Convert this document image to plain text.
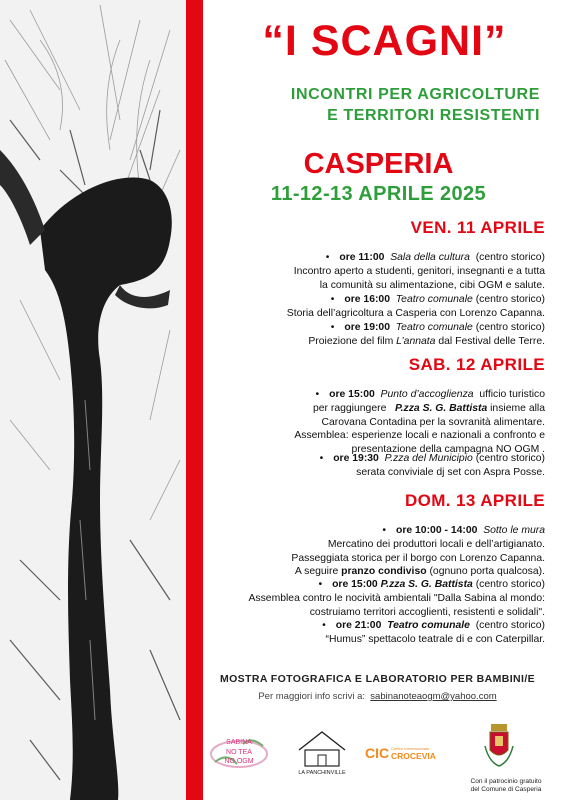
“I SCAGNI”
INCONTRI PER AGRICOLTURE
E TERRITORI RESISTENTI
CASPERIA
11-12-13 APRILE 2025
VEN. 11 APRILE
• ore 11:00 Sala della cultura (centro storico)
Incontro aperto a studenti, genitori, insegnanti e a tutta
la comunità su alimentazione, cibi OGM e salute.
• ore 16:00 Teatro comunale (centro storico)
Storia dell’agricoltura a Casperia con Lorenzo Capanna.
• ore 19:00 Teatro comunale (centro storico)
Proiezione del film L’annata dal Festival delle Terre.
SAB. 12 APRILE
• ore 15:00 Punto d’accoglienza ufficio turistico
per raggiungere P.zza S. G. Battista insieme alla
Carovana Contadina per la sovranità alimentare.
Assemblea: esperienze locali e nazionali a confronto e
presentazione della campagna NO OGM .
• ore 19:30 P.zza del Municipio (centro storico)
serata conviviale dj set con Aspra Posse.
DOM. 13 APRILE
• ore 10:00 - 14:00 Sotto le mura
Mercatino dei produttori locali e dell’artigianato.
Passeggiata storica per il borgo con Lorenzo Capanna.
A seguire pranzo condiviso (ognuno porta qualcosa).
• ore 15:00 P.zza S. G. Battista (centro storico)
Assemblea contro le nocività ambientali "Dalla Sabina al mondo:
costruiamo territori accoglienti, resistenti e solidali".
• ore 21:00 Teatro comunale (centro storico)
“Humus” spettacolo teatrale di e con Caterpillar.
MOSTRA FOTOGRAFICA E LABORATORIO PER BAMBINI/E
Per maggiori info scrivi a: sabinanoteaogm@yahoo.com
SABINA
NO TEA
NO OGM
LA PANCHINVILLE
CIC Centro Internazionale
CROCEVIA
Con il patrocinio gratuito
del Comune di Casperia
